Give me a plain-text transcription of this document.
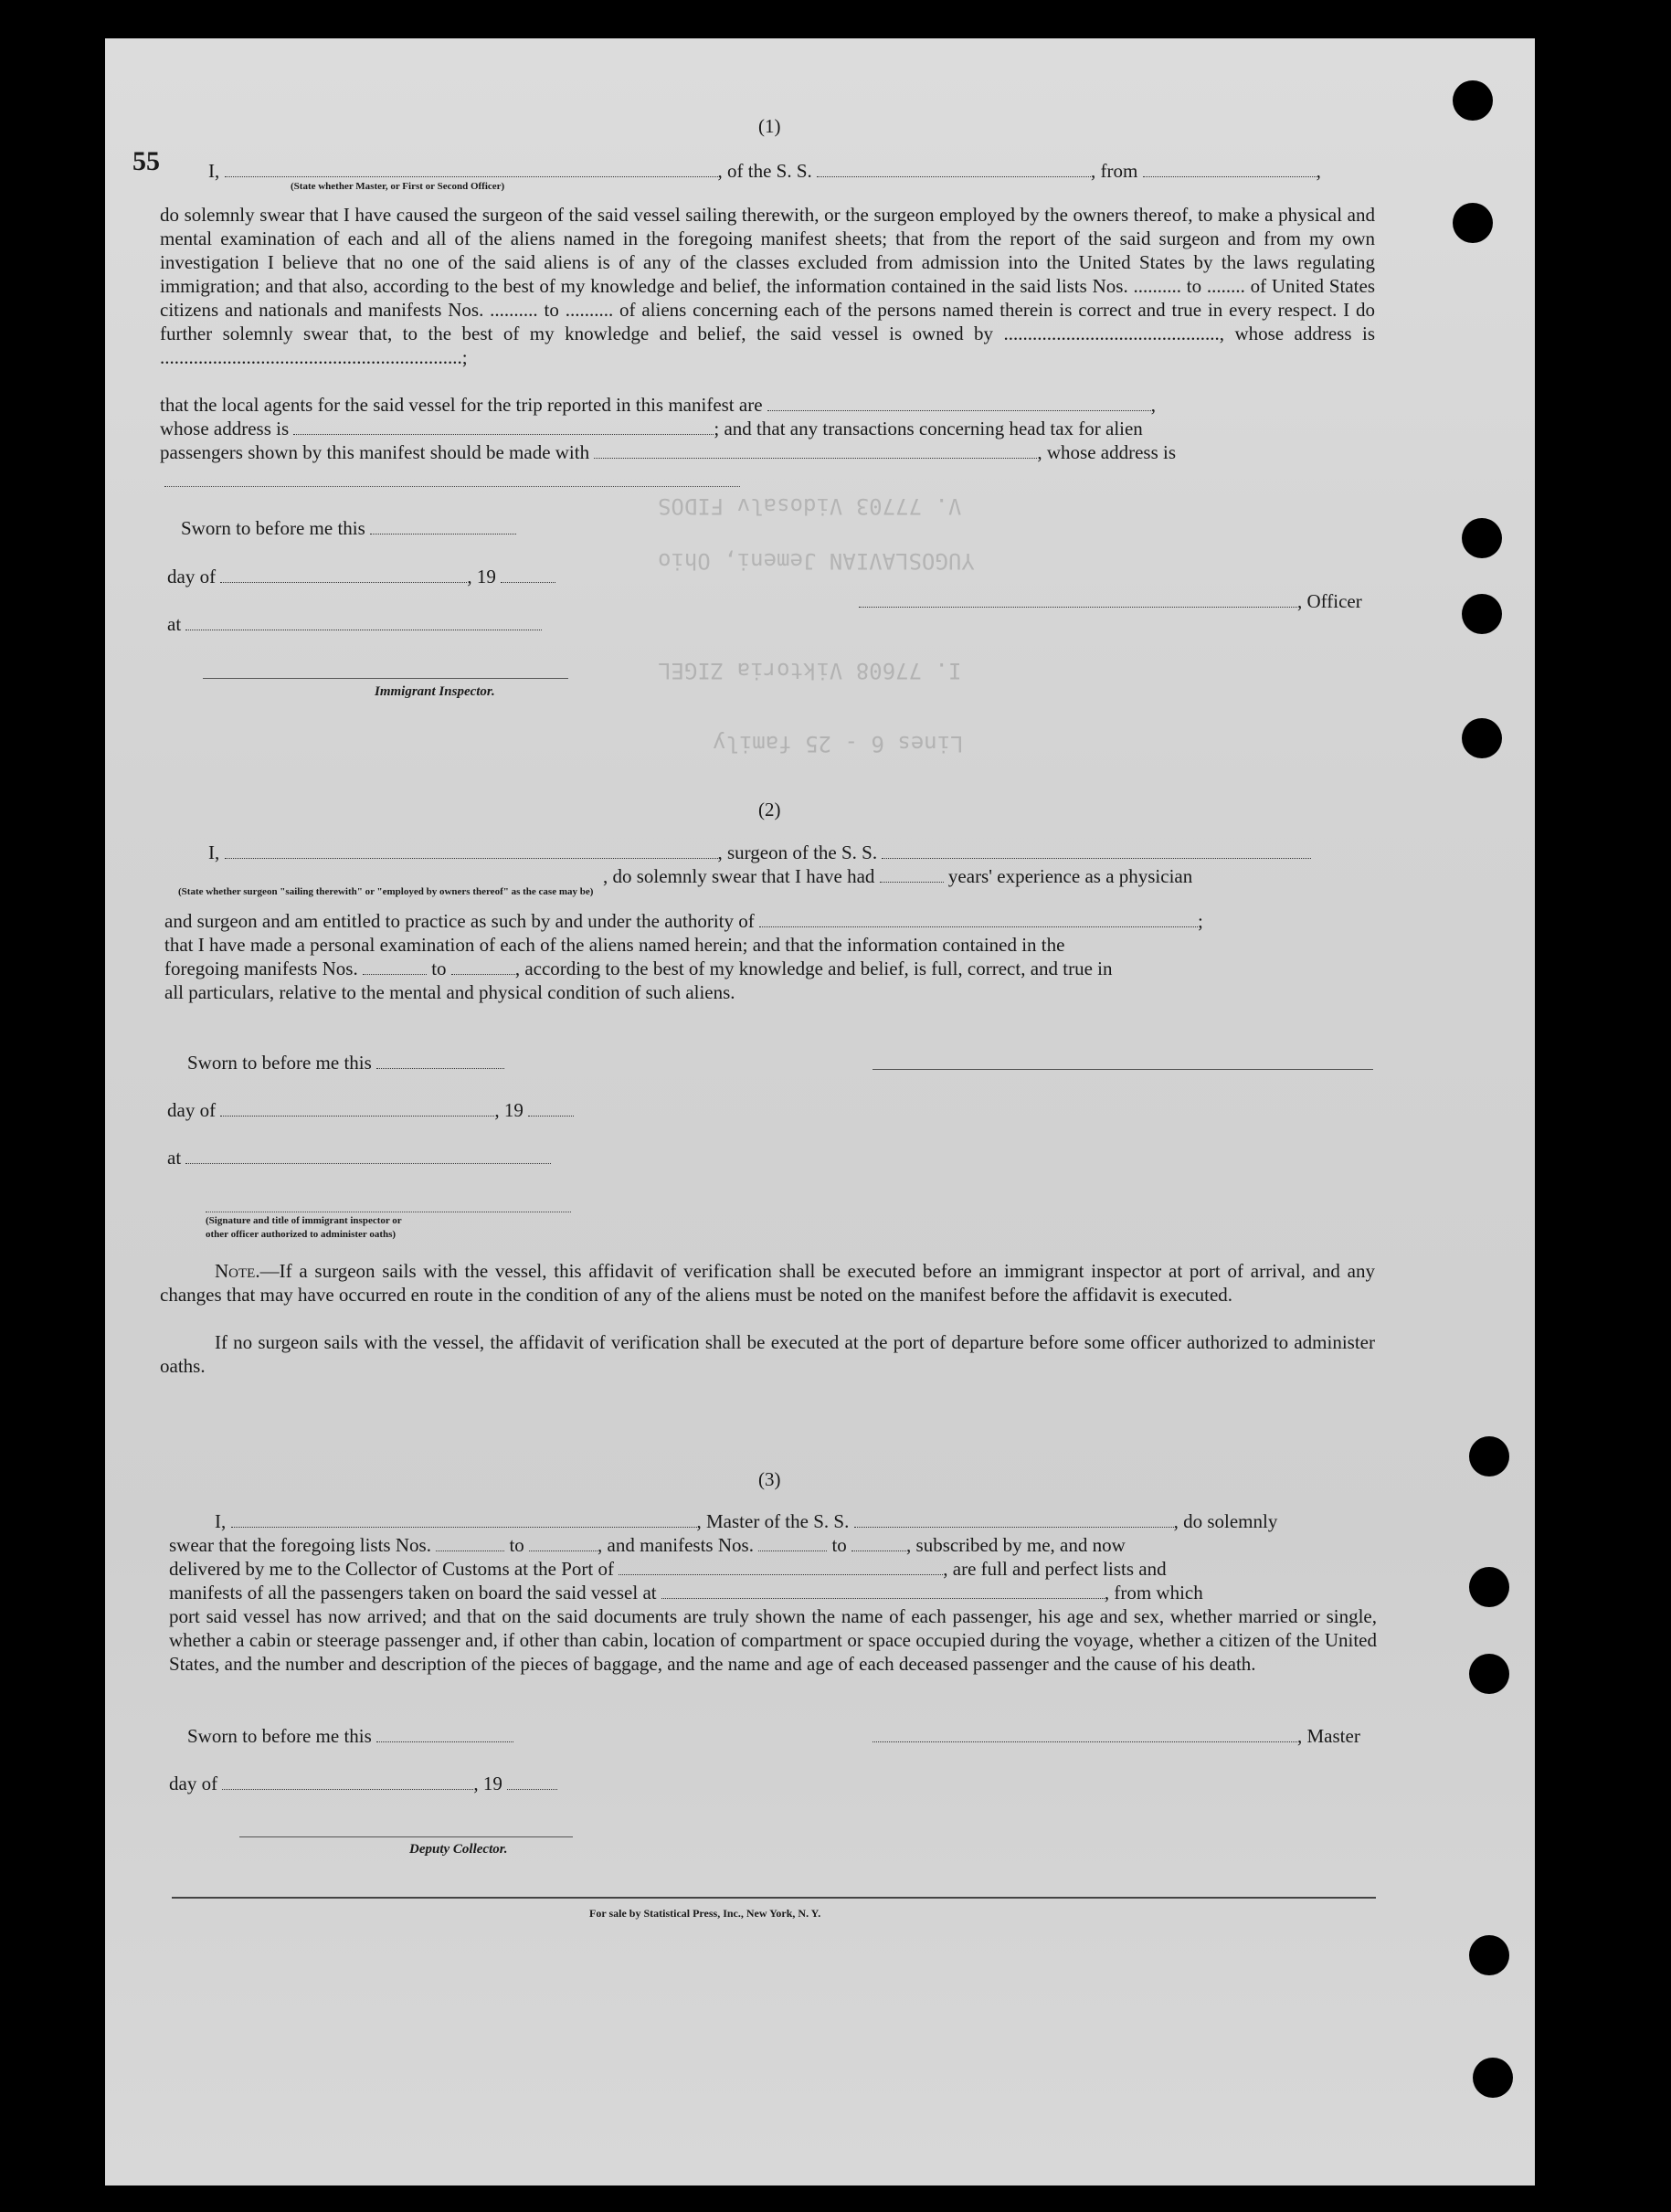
V. 77703 Vidosalv FIDOS
YUGOSLAVIAN Jemeni, Ohio
I. 77608 Viktoria ZIGEL
Lines 6 - 25 family
(1)
55	I,	, of the S. S.	, from	,
(State whether Master, or First or Second Officer)
do solemnly swear that I have caused the surgeon of the said vessel sailing therewith, or the surgeon employed by the owners thereof, to make a physical and mental examination of each and all of the aliens named in the foregoing manifest sheets; that from the report of the said surgeon and from my own investigation I believe that no one of the said aliens is of any of the classes excluded from admission into the United States by the laws regulating immigration; and that also, according to the best of my knowledge and belief, the information contained in the said lists Nos. .......... to ........ of United States citizens and nationals and manifests Nos. .......... to .......... of aliens concerning each of the persons named therein is correct and true in every respect. I do further solemnly swear that, to the best of my knowledge and belief, the said vessel is owned by ............................................., whose address is ...............................................................;
that the local agents for the said vessel for the trip reported in this manifest are	,
whose address is	; and that any transactions concerning head tax for alien
passengers shown by this manifest should be made with	, whose address is
Sworn to before me this
day of	, 19
at
Immigrant Inspector.
, Officer
(2)
I,	, surgeon of the S. S.
, do solemnly swear that I have had	years' experience as a physician
(State whether surgeon "sailing therewith" or "employed by owners thereof" as the case may be)
and surgeon and am entitled to practice as such by and under the authority of	;
that I have made a personal examination of each of the aliens named herein; and that the information contained in the
foregoing manifests Nos.	to	, according to the best of my knowledge and belief, is full, correct, and true in
all particulars, relative to the mental and physical condition of such aliens.
Sworn to before me this
day of	, 19
at
(Signature and title of immigrant inspector or
other officer authorized to administer oaths)
Note.—If a surgeon sails with the vessel, this affidavit of verification shall be executed before an immigrant inspector at port of arrival, and any changes that may have occurred en route in the condition of any of the aliens must be noted on the manifest before the affidavit is executed.
If no surgeon sails with the vessel, the affidavit of verification shall be executed at the port of departure before some officer authorized to administer oaths.
(3)
I,	, Master of the S. S.	, do solemnly
swear that the foregoing lists Nos.	to	, and manifests Nos.	to	, subscribed by me, and now
delivered by me to the Collector of Customs at the Port of	, are full and perfect lists and
manifests of all the passengers taken on board the said vessel at	, from which
port said vessel has now arrived; and that on the said documents are truly shown the name of each passenger, his age and sex, whether married or single, whether a cabin or steerage passenger and, if other than cabin, location of compartment or space occupied during the voyage, whether a citizen of the United States, and the number and description of the pieces of baggage, and the name and age of each deceased passenger and the cause of his death.
Sworn to before me this	, Master
day of	, 19
Deputy Collector.
For sale by Statistical Press, Inc., New York, N. Y.
